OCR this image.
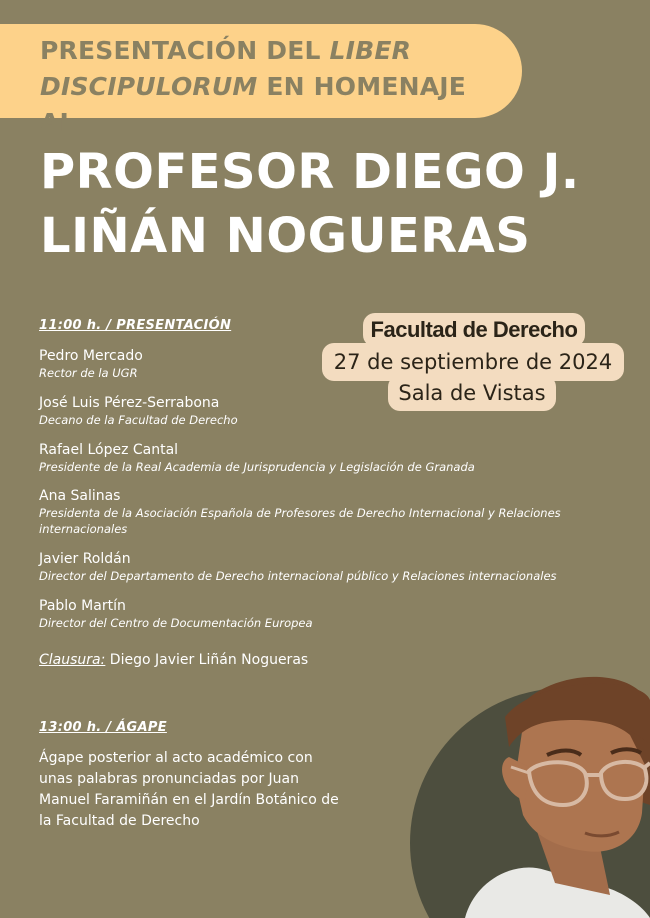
PRESENTACIÓN DEL LIBER
DISCIPULORUM EN HOMENAJE AL
PROFESOR DIEGO J.
LIÑÁN NOGUERAS
27 de septiembre de 2024
Facultad de Derecho
Sala de Vistas
11:00 h. / PRESENTACIÓN
Pedro Mercado
Rector de la UGR
José Luis Pérez-Serrabona
Decano de la Facultad de Derecho
Rafael López Cantal
Presidente de la Real Academia de Jurisprudencia y Legislación de Granada
Ana Salinas
Presidenta de la Asociación Española de Profesores de Derecho Internacional y Relaciones internacionales
Javier Roldán
Director del Departamento de Derecho internacional público y Relaciones internacionales
Pablo Martín
Director del Centro de Documentación Europea
Clausura: Diego Javier Liñán Nogueras
13:00 h. / ÁGAPE
Ágape posterior al acto académico con unas palabras pronunciadas por Juan Manuel Faramiñán en el Jardín Botánico de la Facultad de Derecho
